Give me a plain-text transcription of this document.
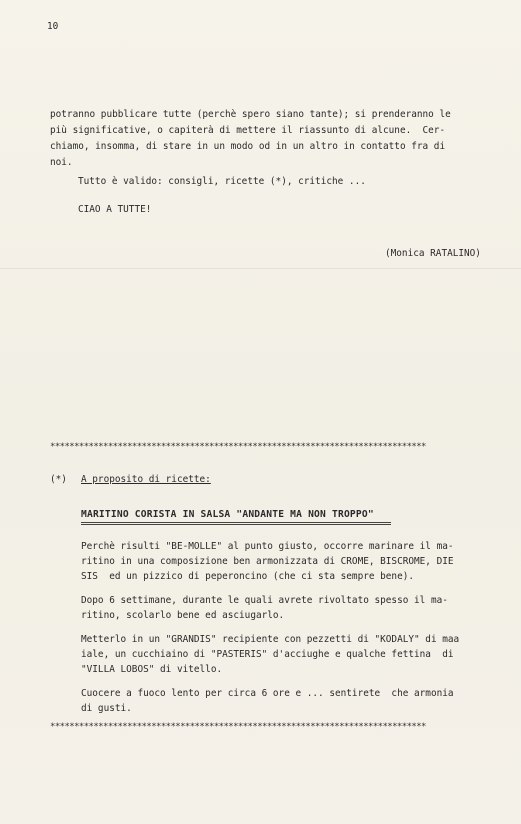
10
potranno pubblicare tutte (perchè spero siano tante); si prenderanno le
più significative, o capiterà di mettere il riassunto di alcune.  Cer-
chiamo, insomma, di stare in un modo od in un altro in contatto fra di
noi.
Tutto è valido: consigli, ricette (*), critiche ...
CIAO A TUTTE!
(Monica RATALINO)
******************************************************************************
(*) A proposito di ricette:
MARITINO CORISTA IN SALSA "ANDANTE MA NON TROPPO"
Perchè risulti "BE-MOLLE" al punto giusto, occorre marinare il ma-
ritino in una composizione ben armonizzata di CROME, BISCROME, DIE
SIS  ed un pizzico di peperoncino (che ci sta sempre bene).
Dopo 6 settimane, durante le quali avrete rivoltato spesso il ma-
ritino, scolarlo bene ed asciugarlo.
Metterlo in un "GRANDIS" recipiente con pezzetti di "KODALY" di maa
iale, un cucchiaino di "PASTERIS" d'acciughe e qualche fettina  di
"VILLA LOBOS" di vitello.
Cuocere a fuoco lento per circa 6 ore e ... sentirete  che armonia
di gusti.
******************************************************************************
